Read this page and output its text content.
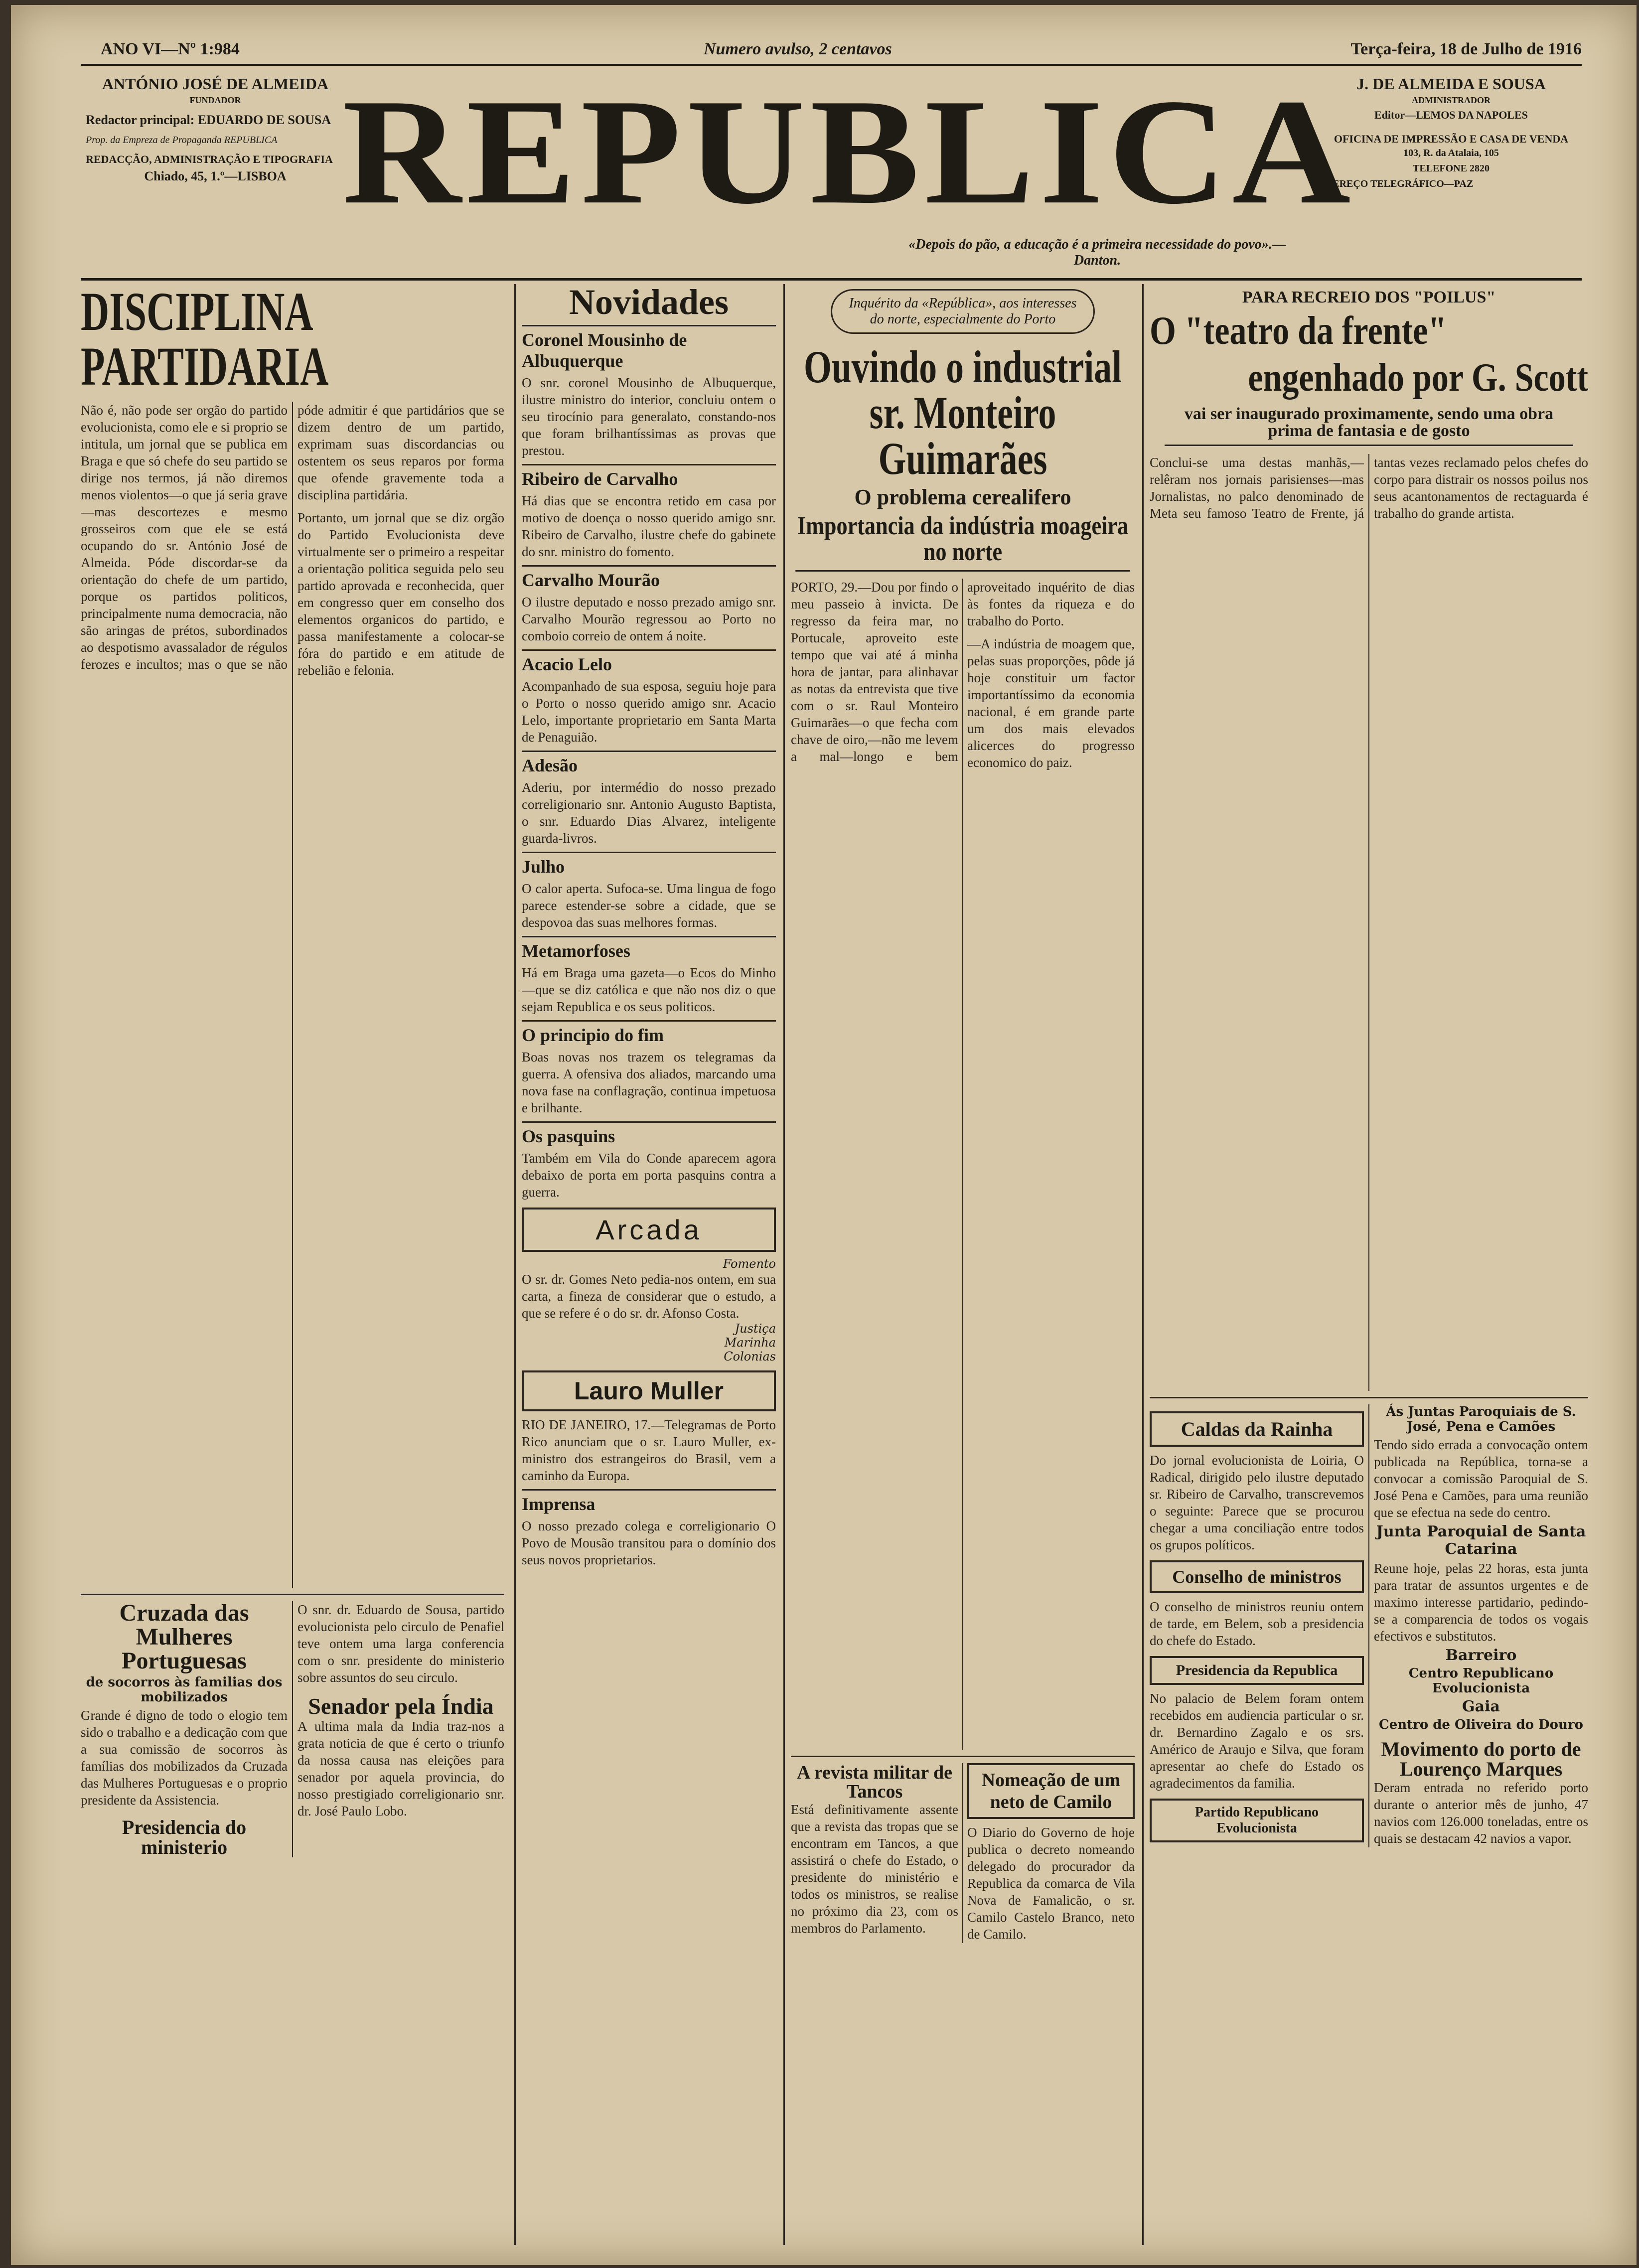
ANO VI—Nº 1:984	Numero avulso, 2 centavos	Terça-feira, 18 de Julho de 1916
ANTÓNIO JOSÉ DE ALMEIDA
FUNDADOR
Redactor principal: EDUARDO DE SOUSA
Prop. da Empreza de Propaganda REPUBLICA
REDACÇÃO, ADMINISTRAÇÃO E TIPOGRAFIA
Chiado, 45, 1.º—LISBOA REPUBLICA J. DE ALMEIDA E SOUSA
ADMINISTRADOR
Editor—LEMOS DA NAPOLES
OFICINA DE IMPRESSÃO E CASA DE VENDA
103, R. da Atalaia, 105
TELEFONE 2820
ENDEREÇO TELEGRÁFICO—PAZ
«Depois do pão, a educação é a primeira necessidade do povo».—Danton.
DISCIPLINA PARTIDARIA

Não é, não pode ser orgão do partido evolucionista, como ele e si proprio se intitula, um jornal que se publica em Braga e que só chefe do seu partido se dirige nos termos, já não diremos menos violentos—o que já seria grave—mas descortezes e mesmo grosseiros com que ele se está ocupando do sr. António José de Almeida. Póde discordar-se da orientação do chefe de um partido, porque os partidos politicos, principalmente numa democracia, não são aringas de prétos, subordinados ao despotismo avassalador de régulos ferozes e incultos; mas o que se não póde admitir é que partidários que se dizem dentro de um partido, exprimam suas discordancias ou ostentem os seus reparos por forma que ofende gravemente toda a disciplina partidária.

Portanto, um jornal que se diz orgão do Partido Evolucionista deve virtualmente ser o primeiro a respeitar a orientação politica seguida pelo seu partido aprovada e reconhecida, quer em congresso quer em conselho dos elementos organicos do partido, e passa manifestamente a colocar-se fóra do partido e em atitude de rebelião e felonia.

Cruzada das Mulheres Portuguesas
de socorros às familias dos mobilizados

Grande é digno de todo o elogio tem sido o trabalho e a dedicação com que a sua comissão de socorros às famílias dos mobilizados da Cruzada das Mulheres Portuguesas e o proprio presidente da Assistencia.

Presidencia do ministerio

O snr. dr. Eduardo de Sousa, partido evolucionista pelo circulo de Penafiel teve ontem uma larga conferencia com o snr. presidente do ministerio sobre assuntos do seu circulo.

Senador pela Índia

A ultima mala da India traz-nos a grata noticia de que é certo o triunfo da nossa causa nas eleições para senador por aquela provincia, do nosso prestigiado correligionario snr. dr. José Paulo Lobo.

Novidades
Coronel Mousinho de Albuquerque

O snr. coronel Mousinho de Albuquerque, ilustre ministro do interior, concluiu ontem o seu tirocínio para generalato, constando-nos que foram brilhantíssimas as provas que prestou.

Ribeiro de Carvalho

Há dias que se encontra retido em casa por motivo de doença o nosso querido amigo snr. Ribeiro de Carvalho, ilustre chefe do gabinete do snr. ministro do fomento.

Carvalho Mourão

O ilustre deputado e nosso prezado amigo snr. Carvalho Mourão regressou ao Porto no comboio correio de ontem á noite.

Acacio Lelo

Acompanhado de sua esposa, seguiu hoje para o Porto o nosso querido amigo snr. Acacio Lelo, importante proprietario em Santa Marta de Penaguião.

Adesão

Aderiu, por intermédio do nosso prezado correligionario snr. Antonio Augusto Baptista, o snr. Eduardo Dias Alvarez, inteligente guarda-livros.

Julho

O calor aperta. Sufoca-se. Uma lingua de fogo parece estender-se sobre a cidade, que se despovoa das suas melhores formas.

Metamorfoses

Há em Braga uma gazeta—o Ecos do Minho—que se diz católica e que não nos diz o que sejam Republica e os seus politicos.

O principio do fim

Boas novas nos trazem os telegramas da guerra. A ofensiva dos aliados, marcando uma nova fase na conflagração, continua impetuosa e brilhante.

Os pasquins

Também em Vila do Conde aparecem agora debaixo de porta em porta pasquins contra a guerra.

Arcada
Fomento

O sr. dr. Gomes Neto pedia-nos ontem, em sua carta, a fineza de considerar que o estudo, a que se refere é o do sr. dr. Afonso Costa.

Justiça
Marinha
Colonias
Lauro Muller

RIO DE JANEIRO, 17.—Telegramas de Porto Rico anunciam que o sr. Lauro Muller, ex-ministro dos estrangeiros do Brasil, vem a caminho da Europa.

Imprensa

O nosso prezado colega e correligionario O Povo de Mousão transitou para o domínio dos seus novos proprietarios.

Inquérito da «República», aos interesses do norte, especialmente do Porto
Ouvindo o industrial sr. Monteiro Guimarães
O problema cerealifero
Importancia da indústria moageira no norte

PORTO, 29.—Dou por findo o meu passeio à invicta. De regresso da feira mar, no Portucale, aproveito este tempo que vai até á minha hora de jantar, para alinhavar as notas da entrevista que tive com o sr. Raul Monteiro Guimarães—o que fecha com chave de oiro,—não me levem a mal—longo e bem aproveitado inquérito de dias às fontes da riqueza e do trabalho do Porto.

—A indústria de moagem que, pelas suas proporções, pôde já hoje constituir um factor importantíssimo da economia nacional, é em grande parte um dos mais elevados alicerces do progresso economico do paiz.

A revista militar de Tancos

Está definitivamente assente que a revista das tropas que se encontram em Tancos, a que assistirá o chefe do Estado, o presidente do ministério e todos os ministros, se realise no próximo dia 23, com os membros do Parlamento.

Nomeação de um neto de Camilo

O Diario do Governo de hoje publica o decreto nomeando delegado do procurador da Republica da comarca de Vila Nova de Famalicão, o sr. Camilo Castelo Branco, neto de Camilo.

PARA RECREIO DOS "POILUS"
O "teatro da frente"
engenhado por G. Scott
vai ser inaugurado proximamente, sendo uma obra prima de fantasia e de gosto

Conclui-se uma destas manhãs,—relêram nos jornais parisienses—mas Jornalistas, no palco denominado de Meta seu famoso Teatro de Frente, já tantas vezes reclamado pelos chefes do corpo para distrair os nossos poilus nos seus acantonamentos de rectaguarda é trabalho do grande artista.

Caldas da Rainha

Do jornal evolucionista de Loiria, O Radical, dirigido pelo ilustre deputado sr. Ribeiro de Carvalho, transcrevemos o seguinte: Parece que se procurou chegar a uma conciliação entre todos os grupos políticos.

Conselho de ministros

O conselho de ministros reuniu ontem de tarde, em Belem, sob a presidencia do chefe do Estado.

Presidencia da Republica

No palacio de Belem foram ontem recebidos em audiencia particular o sr. dr. Bernardino Zagalo e os srs. Américo de Araujo e Silva, que foram apresentar ao chefe do Estado os agradecimentos da familia.

Partido Republicano Evolucionista
Ás Juntas Paroquiais de S. José, Pena e Camões

Tendo sido errada a convocação ontem publicada na República, torna-se a convocar a comissão Paroquial de S. José Pena e Camões, para uma reunião que se efectua na sede do centro.

Junta Paroquial de Santa Catarina

Reune hoje, pelas 22 horas, esta junta para tratar de assuntos urgentes e de maximo interesse partidario, pedindo-se a comparencia de todos os vogais efectivos e substitutos.

Barreiro
Centro Republicano Evolucionista
Gaia
Centro de Oliveira do Douro
Movimento do porto de Lourenço Marques

Deram entrada no referido porto durante o anterior mês de junho, 47 navios com 126.000 toneladas, entre os quais se destacam 42 navios a vapor.
